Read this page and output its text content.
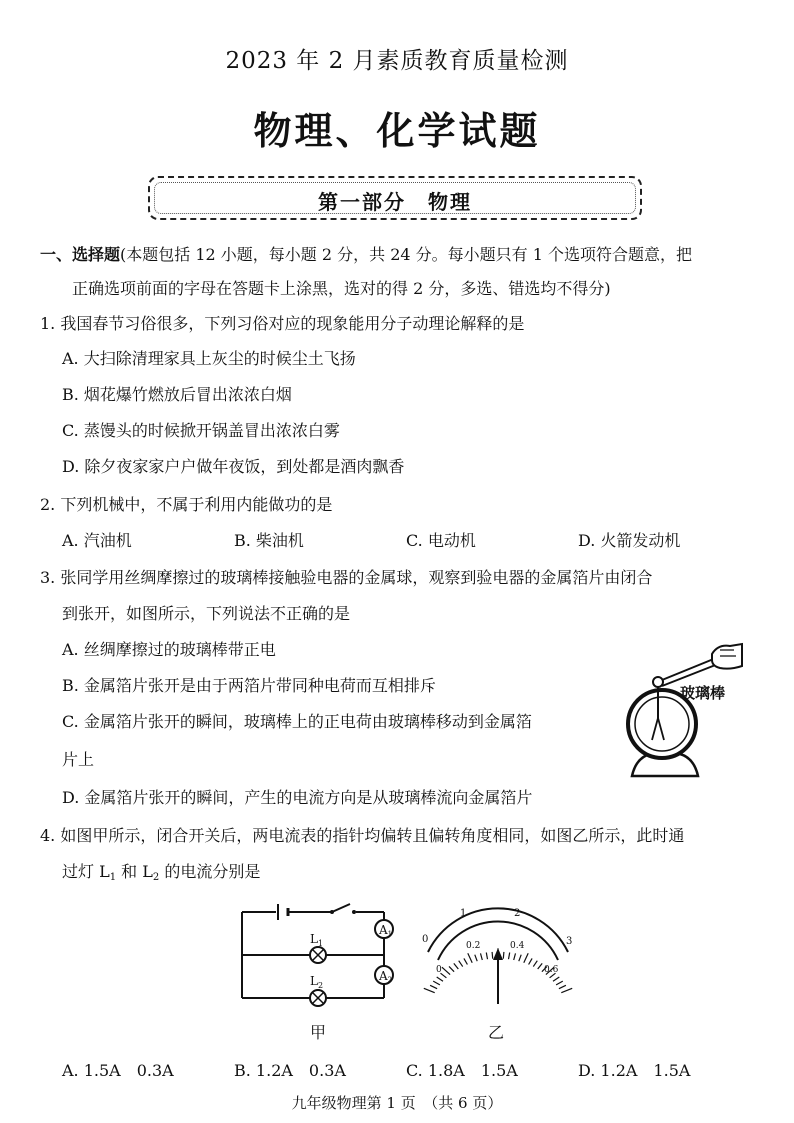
2023 年 2 月素质教育质量检测
物理、化学试题
第一部分　物理
一、选择题(本题包括 12 小题，每小题 2 分，共 24 分。每小题只有 1 个选项符合题意，把
正确选项前面的字母在答题卡上涂黑，选对的得 2 分，多选、错选均不得分)
1. 我国春节习俗很多，下列习俗对应的现象能用分子动理论解释的是
A. 大扫除清理家具上灰尘的时候尘土飞扬
B. 烟花爆竹燃放后冒出浓浓白烟
C. 蒸馒头的时候掀开锅盖冒出浓浓白雾
D. 除夕夜家家户户做年夜饭，到处都是酒肉飘香
2. 下列机械中，不属于利用内能做功的是
A. 汽油机	B. 柴油机	C. 电动机	D. 火箭发动机
3. 张同学用丝绸摩擦过的玻璃棒接触验电器的金属球，观察到验电器的金属箔片由闭合
到张开，如图所示，下列说法不正确的是
A. 丝绸摩擦过的玻璃棒带正电
B. 金属箔片张开是由于两箔片带同种电荷而互相排斥
C. 金属箔片张开的瞬间，玻璃棒上的正电荷由玻璃棒移动到金属箔
片上
D. 金属箔片张开的瞬间，产生的电流方向是从玻璃棒流向金属箔片
玻璃棒
4. 如图甲所示，闭合开关后，两电流表的指针均偏转且偏转角度相同，如图乙所示，此时通
过灯 $L_1$ 和 $L_2$ 的电流分别是
A1
A2
$L_1$
$L_2$
甲
0
1	2
3
0
0.2	0.4
0.6
乙
A. 1.5A　0.3A	B. 1.2A　0.3A	C. 1.8A　1.5A	D. 1.2A　1.5A
九年级物理第 1 页　（共 6 页）
